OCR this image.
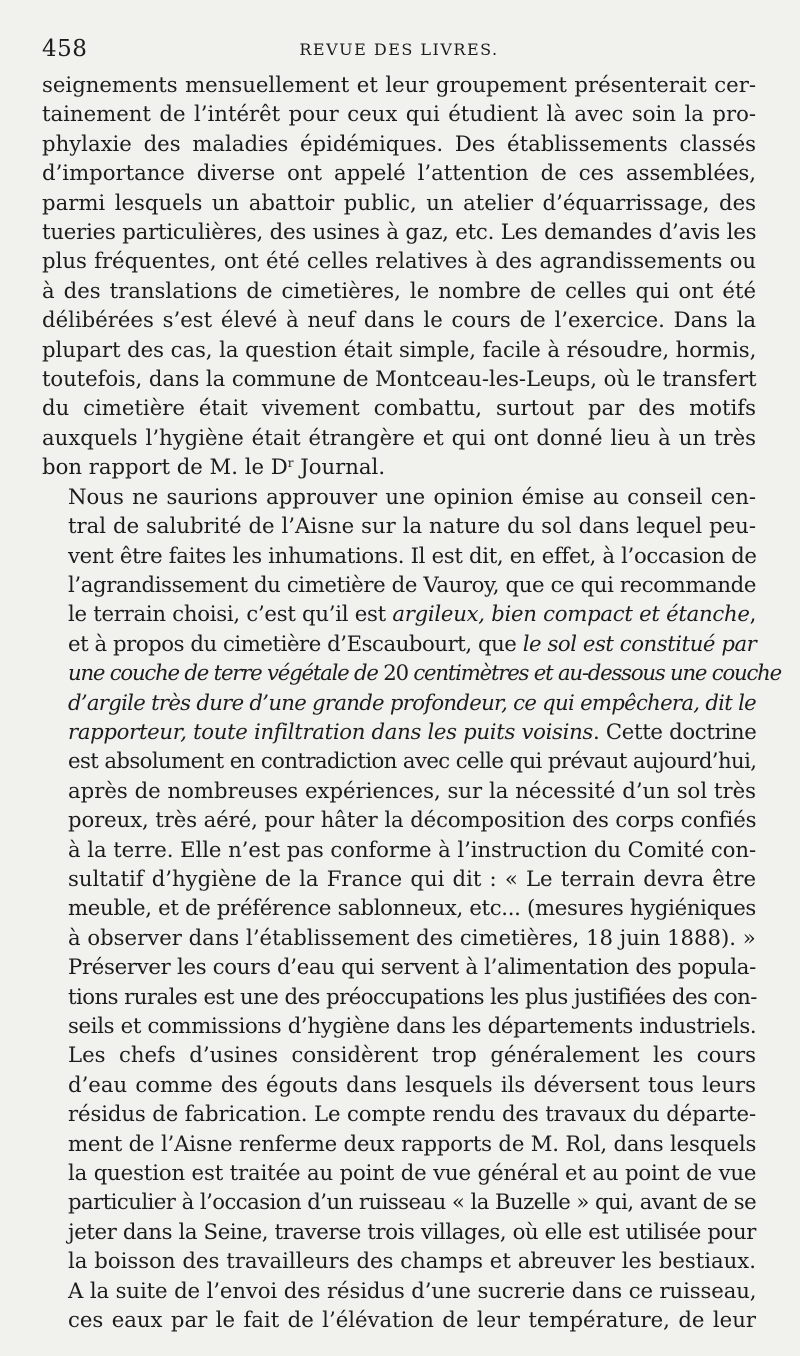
458	REVUE DES LIVRES.

seignements mensuellement et leur groupement présenterait cer-
tainement de l’intérêt pour ceux qui étudient là avec soin la pro-
phylaxie des maladies épidémiques. Des établissements classés
d’importance diverse ont appelé l’attention de ces assemblées,
parmi lesquels un abattoir public, un atelier d’équarrissage, des
tueries particulières, des usines à gaz, etc. Les demandes d’avis les
plus fréquentes, ont été celles relatives à des agrandissements ou
à des translations de cimetières, le nombre de celles qui ont été
délibérées s’est élevé à neuf dans le cours de l’exercice. Dans la
plupart des cas, la question était simple, facile à résoudre, hormis,
toutefois, dans la commune de Montceau-les-Leups, où le transfert
du cimetière était vivement combattu, surtout par des motifs
auxquels l’hygiène était étrangère et qui ont donné lieu à un très
bon rapport de M. le $D^r$ Journal.

Nous ne saurions approuver une opinion émise au conseil cen-
tral de salubrité de l’Aisne sur la nature du sol dans lequel peu-
vent être faites les inhumations. Il est dit, en effet, à l’occasion de
l’agrandissement du cimetière de Vauroy, que ce qui recommande
le terrain choisi, c’est qu’il est argileux, bien compact et étanche,
et à propos du cimetière d’Escaubourt, que le sol est constitué par
une couche de terre végétale de 20 centimètres et au-dessous une couche
d’argile très dure d’une grande profondeur, ce qui empêchera, dit le
rapporteur, toute infiltration dans les puits voisins. Cette doctrine
est absolument en contradiction avec celle qui prévaut aujourd’hui,
après de nombreuses expériences, sur la nécessité d’un sol très
poreux, très aéré, pour hâter la décomposition des corps confiés
à la terre. Elle n’est pas conforme à l’instruction du Comité con-
sultatif d’hygiène de la France qui dit : « Le terrain devra être
meuble, et de préférence sablonneux, etc... (mesures hygiéniques
à observer dans l’établissement des cimetières, 18 juin 1888). »

Préserver les cours d’eau qui servent à l’alimentation des popula-
tions rurales est une des préoccupations les plus justifiées des con-
seils et commissions d’hygiène dans les départements industriels.

Les chefs d’usines considèrent trop généralement les cours
d’eau comme des égouts dans lesquels ils déversent tous leurs
résidus de fabrication. Le compte rendu des travaux du départe-
ment de l’Aisne renferme deux rapports de M. Rol, dans lesquels
la question est traitée au point de vue général et au point de vue
particulier à l’occasion d’un ruisseau « la Buzelle » qui, avant de se
jeter dans la Seine, traverse trois villages, où elle est utilisée pour
la boisson des travailleurs des champs et abreuver les bestiaux.
A la suite de l’envoi des résidus d’une sucrerie dans ce ruisseau,
ces eaux par le fait de l’élévation de leur température, de leur
